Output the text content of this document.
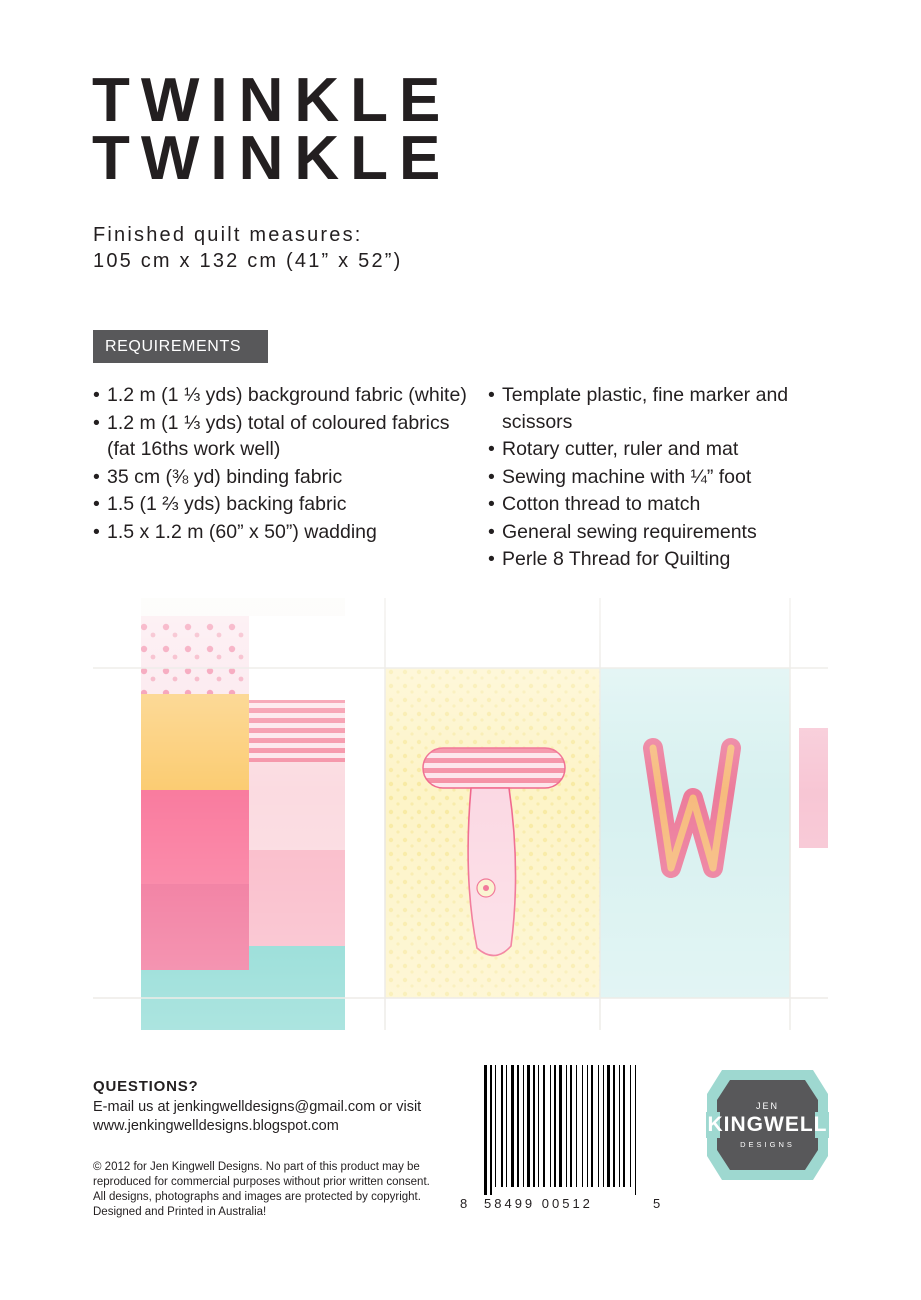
TWINKLE
TWINKLE
Finished quilt measures:
105 cm x 132 cm (41” x 52”)
REQUIREMENTS
• 1.2 m (1 ⅓ yds) background fabric (white)
• 1.2 m (1 ⅓ yds) total of coloured fabrics (fat 16ths work well)
• 35 cm (⅜ yd) binding fabric
• 1.5 (1 ⅔ yds) backing fabric
• 1.5 x 1.2 m (60” x 50”) wadding
• Template plastic, fine marker and scissors
• Rotary cutter, ruler and mat
• Sewing machine with ¼” foot
• Cotton thread to match
• General sewing requirements
• Perle 8 Thread for Quilting
QUESTIONS?
E-mail us at jenkingwelldesigns@gmail.com or visit
www.jenkingwelldesigns.blogspot.com
© 2012 for Jen Kingwell Designs. No part of this product may be
reproduced for commercial purposes without prior written consent.
All designs, photographs and images are protected by copyright.
Designed and Printed in Australia!
8 58499 00512	5
JEN
KINGWELL
DESIGNS
